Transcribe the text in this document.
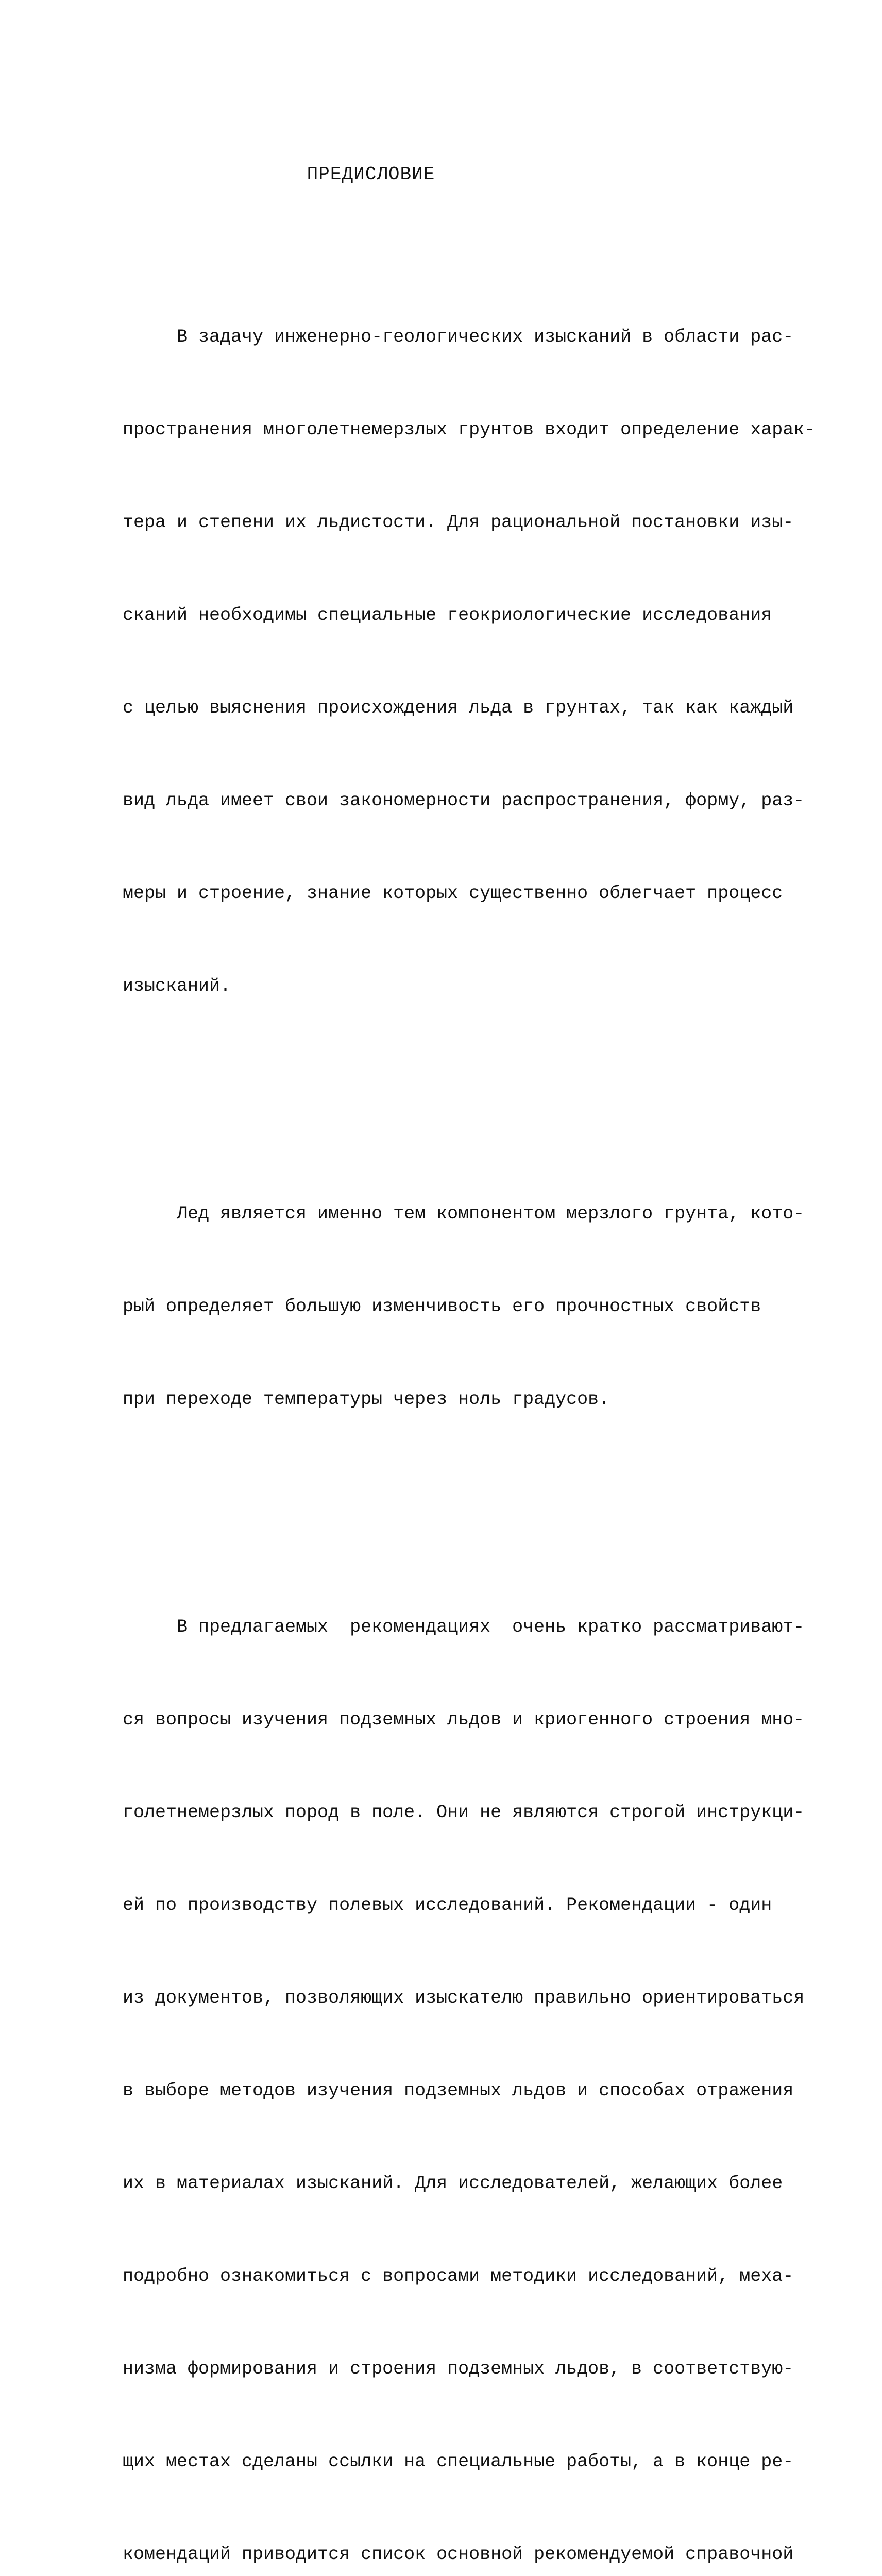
ПРЕДИСЛОВИЕ

В задачу инженерно-геологических изысканий в области рас-

пространения многолетнемерзлых грунтов входит определение харак-

тера и степени их льдистости. Для рациональной постановки изы-

сканий необходимы специальные геокриологические исследования

с целью выяснения происхождения льда в грунтах, так как каждый

вид льда имеет свои закономерности распространения, форму, раз-

меры и строение, знание которых существенно облегчает процесс

изысканий.

Лед является именно тем компонентом мерзлого грунта, кото-

рый определяет большую изменчивость его прочностных свойств

при переходе температуры через ноль градусов.

В предлагаемых  рекомендациях  очень кратко рассматривают-

ся вопросы изучения подземных льдов и криогенного строения мно-

голетнемерзлых пород в поле. Они не являются строгой инструкци-

ей по производству полевых исследований. Рекомендации - один

из документов, позволяющих изыскателю правильно ориентироваться

в выборе методов изучения подземных льдов и способах отражения

их в материалах изысканий. Для исследователей, желающих более

подробно ознакомиться с вопросами методики исследований, меха-

низма формирования и строения подземных льдов, в соответствую-

щих местах сделаны ссылки на специальные работы, а в конце ре-

комендаций приводится список основной рекомендуемой справочной
